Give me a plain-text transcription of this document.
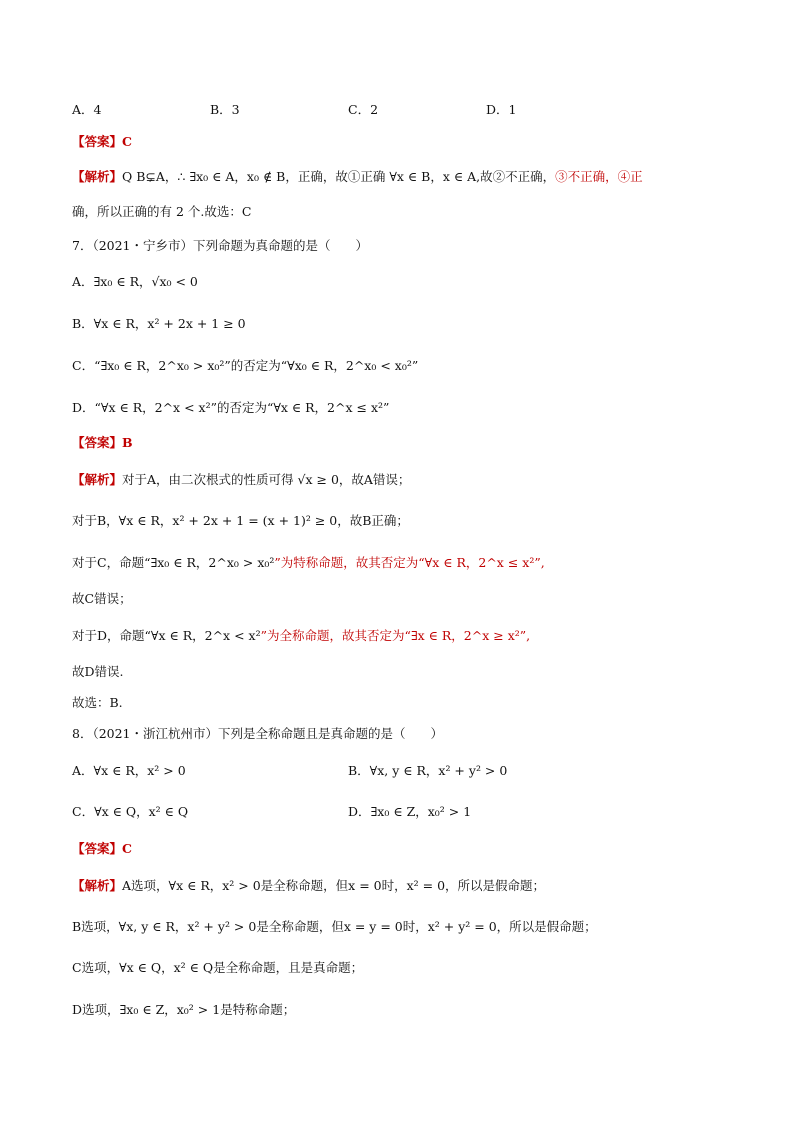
A．4	B．3	C．2	D．1
【答案】C
【解析】Q B⊊A，∴ ∃x₀ ∈ A，x₀ ∉ B，正确，故①正确 ∀x ∈ B，x ∈ A,故②不正确，③不正确，④正
确，所以正确的有 2 个.故选：C
7．（2021・宁乡市）下列命题为真命题的是（　　）
A．∃x₀ ∈ R，√x₀ < 0
B．∀x ∈ R，x² + 2x + 1 ≥ 0
C．“∃x₀ ∈ R，2^x₀ > x₀²”的否定为“∀x₀ ∈ R，2^x₀ < x₀²”
D．“∀x ∈ R，2^x < x²”的否定为“∀x ∈ R，2^x ≤ x²”
【答案】B
【解析】对于A，由二次根式的性质可得 √x ≥ 0，故A错误；
对于B，∀x ∈ R，x² + 2x + 1 = (x + 1)² ≥ 0，故B正确；
对于C，命题“∃x₀ ∈ R，2^x₀ > x₀²”为特称命题，故其否定为“∀x ∈ R，2^x ≤ x²”,
故C错误；
对于D，命题“∀x ∈ R，2^x < x²”为全称命题，故其否定为“∃x ∈ R，2^x ≥ x²”,
故D错误.
故选：B.
8．（2021・浙江杭州市）下列是全称命题且是真命题的是（　　）
A．∀x ∈ R，x² > 0	B．∀x, y ∈ R，x² + y² > 0
C．∀x ∈ Q，x² ∈ Q	D．∃x₀ ∈ Z，x₀² > 1
【答案】C
【解析】A选项，∀x ∈ R，x² > 0是全称命题，但x = 0时，x² = 0，所以是假命题；
B选项，∀x, y ∈ R，x² + y² > 0是全称命题，但x = y = 0时，x² + y² = 0，所以是假命题；
C选项，∀x ∈ Q，x² ∈ Q是全称命题，且是真命题；
D选项，∃x₀ ∈ Z，x₀² > 1是特称命题；
